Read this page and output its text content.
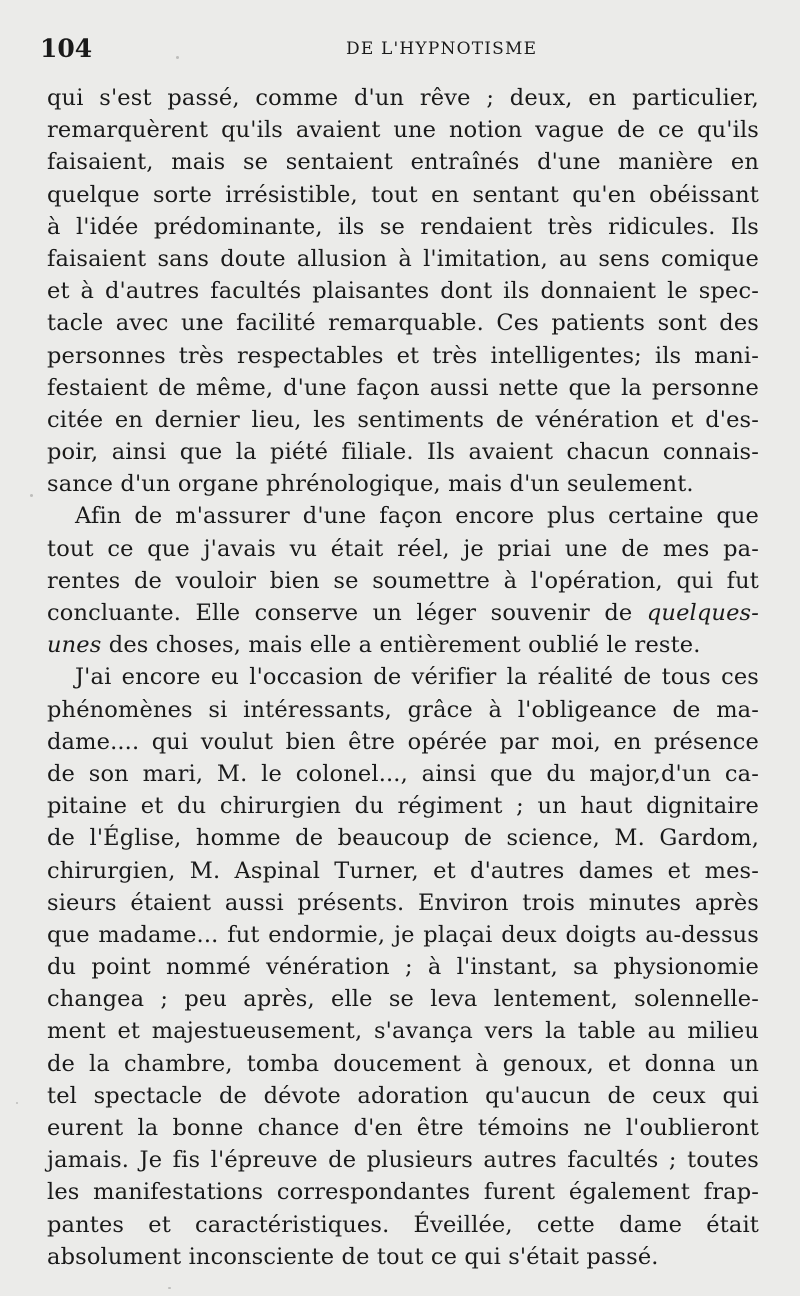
104	DE L'HYPNOTISME
qui s'est passé, comme d'un rêve ; deux, en particulier,
remarquèrent qu'ils avaient une notion vague de ce qu'ils
faisaient, mais se sentaient entraînés d'une manière en
quelque sorte irrésistible, tout en sentant qu'en obéissant
à l'idée prédominante, ils se rendaient très ridicules. Ils
faisaient sans doute allusion à l'imitation, au sens comique
et à d'autres facultés plaisantes dont ils donnaient le spec-
tacle avec une facilité remarquable. Ces patients sont des
personnes très respectables et très intelligentes; ils mani-
festaient de même, d'une façon aussi nette que la personne
citée en dernier lieu, les sentiments de vénération et d'es-
poir, ainsi que la piété filiale. Ils avaient chacun connais-
sance d'un organe phrénologique, mais d'un seulement.
Afin de m'assurer d'une façon encore plus certaine que
tout ce que j'avais vu était réel, je priai une de mes pa-
rentes de vouloir bien se soumettre à l'opération, qui fut
concluante. Elle conserve un léger souvenir de quelques-
unes des choses, mais elle a entièrement oublié le reste.
J'ai encore eu l'occasion de vérifier la réalité de tous ces
phénomènes si intéressants, grâce à l'obligeance de ma-
dame.... qui voulut bien être opérée par moi, en présence
de son mari, M. le colonel..., ainsi que du major,d'un ca-
pitaine et du chirurgien du régiment ; un haut dignitaire
de l'Église, homme de beaucoup de science, M. Gardom,
chirurgien, M. Aspinal Turner, et d'autres dames et mes-
sieurs étaient aussi présents. Environ trois minutes après
que madame... fut endormie, je plaçai deux doigts au-dessus
du point nommé vénération ; à l'instant, sa physionomie
changea ; peu après, elle se leva lentement, solennelle-
ment et majestueusement, s'avança vers la table au milieu
de la chambre, tomba doucement à genoux, et donna un
tel spectacle de dévote adoration qu'aucun de ceux qui
eurent la bonne chance d'en être témoins ne l'oublieront
jamais. Je fis l'épreuve de plusieurs autres facultés ; toutes
les manifestations correspondantes furent également frap-
pantes et caractéristiques. Éveillée, cette dame était
absolument inconsciente de tout ce qui s'était passé.
